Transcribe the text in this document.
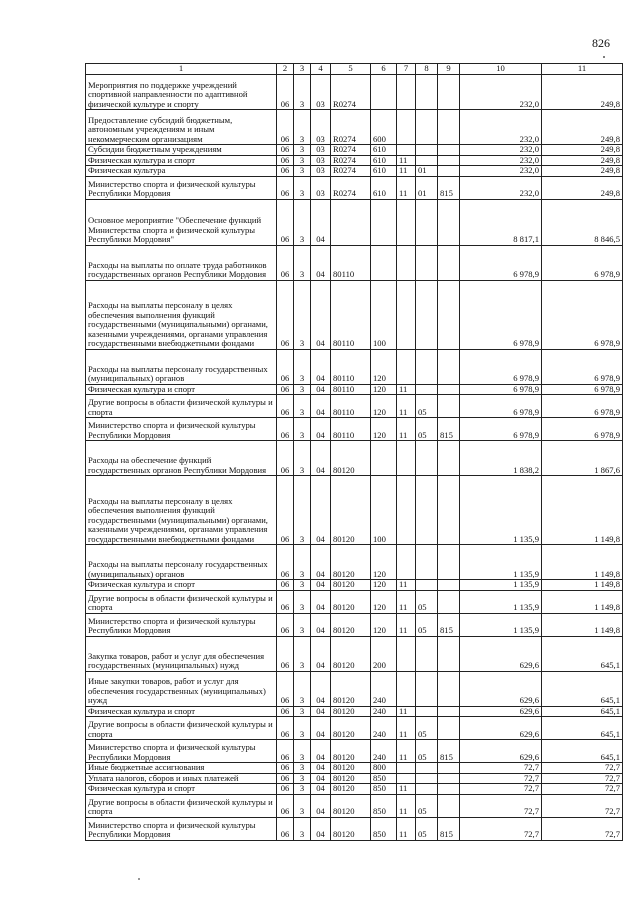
826
1	2	3	4	5	6	7	8	9	10	11
Мероприятия по поддержке учреждений спортивной направленности по адаптивной физической культуре и спорту	06	3	03	R0274					232,0	249,8
Предоставление субсидий бюджетным, автономным учреждениям и иным некоммерческим организациям	06	3	03	R0274	600				232,0	249,8
Субсидии бюджетным учреждениям	06	3	03	R0274	610				232,0	249,8
Физическая культура и спорт	06	3	03	R0274	610	11			232,0	249,8
Физическая культура	06	3	03	R0274	610	11	01		232,0	249,8
Министерство спорта и физической культуры Республики Мордовия	06	3	03	R0274	610	11	01	815	232,0	249,8
Основное мероприятие "Обеспечение функций Министерства спорта и физической культуры Республики Мордовия"	06	3	04						8 817,1	8 846,5
Расходы на выплаты по оплате труда работников государственных органов Республики Мордовия	06	3	04	80110					6 978,9	6 978,9
Расходы на выплаты персоналу в целях обеспечения выполнения функций государственными (муниципальными) органами, казенными учреждениями, органами управления государственными внебюджетными фондами	06	3	04	80110	100				6 978,9	6 978,9
Расходы на выплаты персоналу государственных (муниципальных) органов	06	3	04	80110	120				6 978,9	6 978,9
Физическая культура и спорт	06	3	04	80110	120	11			6 978,9	6 978,9
Другие вопросы в области физической культуры и спорта	06	3	04	80110	120	11	05		6 978,9	6 978,9
Министерство спорта и физической культуры Республики Мордовия	06	3	04	80110	120	11	05	815	6 978,9	6 978,9
Расходы на обеспечение функций государственных органов Республики Мордовия	06	3	04	80120					1 838,2	1 867,6
Расходы на выплаты персоналу в целях обеспечения выполнения функций государственными (муниципальными) органами, казенными учреждениями, органами управления государственными внебюджетными фондами	06	3	04	80120	100				1 135,9	1 149,8
Расходы на выплаты персоналу государственных (муниципальных) органов	06	3	04	80120	120				1 135,9	1 149,8
Физическая культура и спорт	06	3	04	80120	120	11			1 135,9	1 149,8
Другие вопросы в области физической культуры и спорта	06	3	04	80120	120	11	05		1 135,9	1 149,8
Министерство спорта и физической культуры Республики Мордовия	06	3	04	80120	120	11	05	815	1 135,9	1 149,8
Закупка товаров, работ и услуг для обеспечения государственных (муниципальных) нужд	06	3	04	80120	200				629,6	645,1
Иные закупки товаров, работ и услуг для обеспечения государственных (муниципальных) нужд	06	3	04	80120	240				629,6	645,1
Физическая культура и спорт	06	3	04	80120	240	11			629,6	645,1
Другие вопросы в области физической культуры и спорта	06	3	04	80120	240	11	05		629,6	645,1
Министерство спорта и физической культуры Республики Мордовия	06	3	04	80120	240	11	05	815	629,6	645,1
Иные бюджетные ассигнования	06	3	04	80120	800				72,7	72,7
Уплата налогов, сборов и иных платежей	06	3	04	80120	850				72,7	72,7
Физическая культура и спорт	06	3	04	80120	850	11			72,7	72,7
Другие вопросы в области физической культуры и спорта	06	3	04	80120	850	11	05		72,7	72,7
Министерство спорта и физической культуры Республики Мордовия	06	3	04	80120	850	11	05	815	72,7	72,7
